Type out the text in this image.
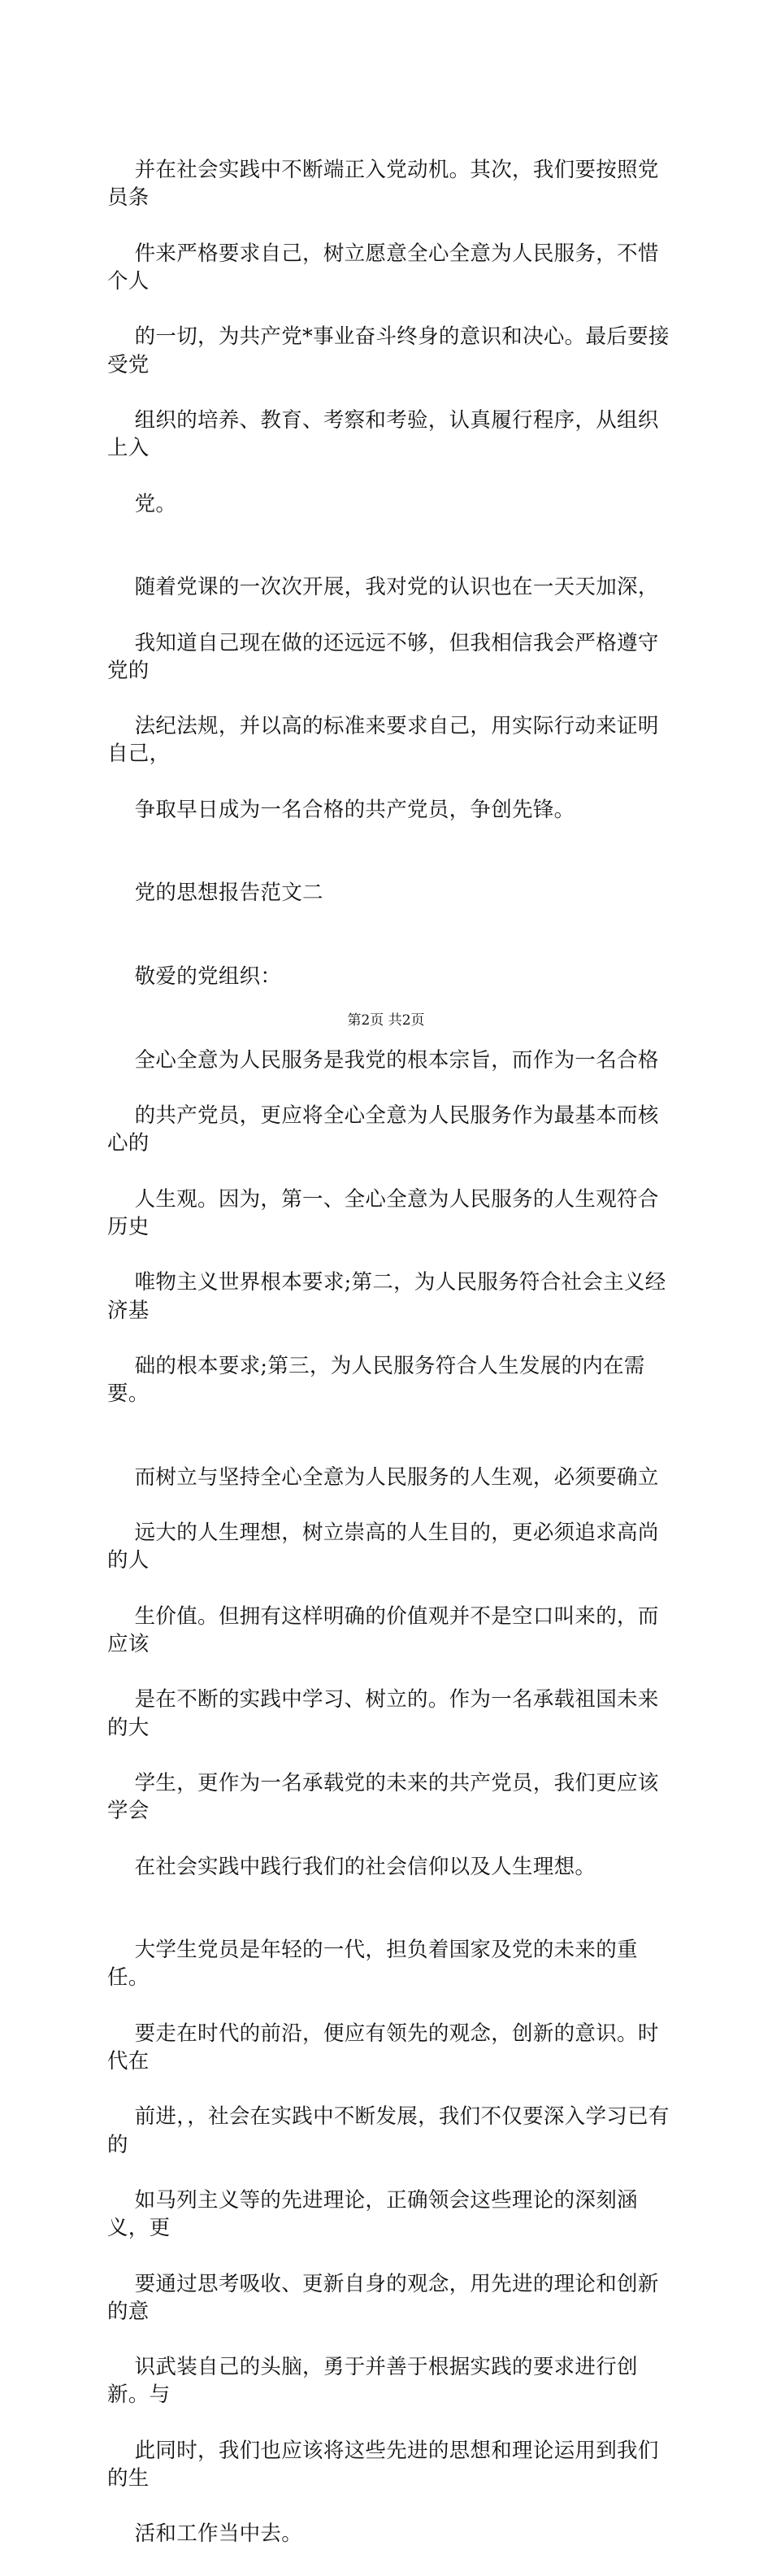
并在社会实践中不断端正入党动机。其次，我们要按照党员条

件来严格要求自己，树立愿意全心全意为人民服务，不惜个人

的一切，为共产党*事业奋斗终身的意识和决心。最后要接受党

组织的培养、教育、考察和考验，认真履行程序，从组织上入

党。

随着党课的一次次开展，我对党的认识也在一天天加深，

我知道自己现在做的还远远不够，但我相信我会严格遵守党的

法纪法规，并以高的标准来要求自己，用实际行动来证明自己，

争取早日成为一名合格的共产党员，争创先锋。

党的思想报告范文二

敬爱的党组织：

全心全意为人民服务是我党的根本宗旨，而作为一名合格

的共产党员，更应将全心全意为人民服务作为最基本而核心的

人生观。因为，第一、全心全意为人民服务的人生观符合历史

唯物主义世界根本要求;第二，为人民服务符合社会主义经济基

础的根本要求;第三，为人民服务符合人生发展的内在需要。

而树立与坚持全心全意为人民服务的人生观，必须要确立

远大的人生理想，树立崇高的人生目的，更必须追求高尚的人

生价值。但拥有这样明确的价值观并不是空口叫来的，而应该

是在不断的实践中学习、树立的。作为一名承载祖国未来的大

学生，更作为一名承载党的未来的共产党员，我们更应该学会

在社会实践中践行我们的社会信仰以及人生理想。

大学生党员是年轻的一代，担负着国家及党的未来的重任。

要走在时代的前沿，便应有领先的观念，创新的意识。时代在

前进，，社会在实践中不断发展，我们不仅要深入学习已有的

如马列主义等的先进理论，正确领会这些理论的深刻涵义，更

要通过思考吸收、更新自身的观念，用先进的理论和创新的意

识武装自己的头脑，勇于并善于根据实践的要求进行创新。与

此同时，我们也应该将这些先进的思想和理论运用到我们的生

活和工作当中去。

第2页 共2页
